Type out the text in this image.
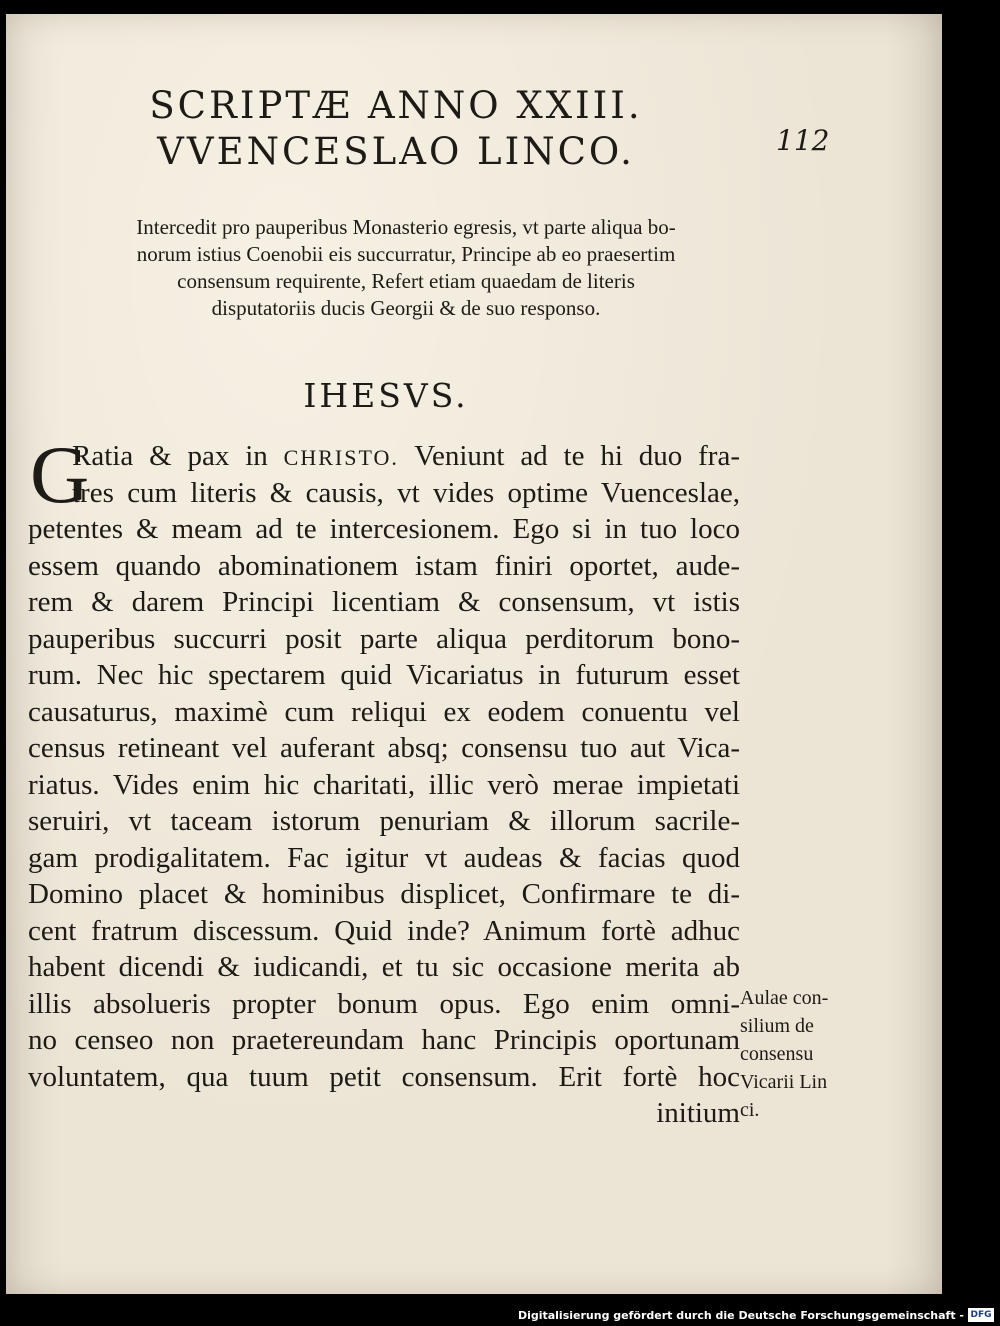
SCRIPTÆ ANNO XXIII.
VVENCESLAO LINCO.	112
Intercedit pro pauperibus Monasterio egresis, vt parte aliqua bo-
norum istius Coenobii eis succurratur, Principe ab eo praesertim
consensum requirente, Refert etiam quaedam de literis
disputatoriis ducis Georgii & de suo responso.
IHESVS.
G
Ratia & pax in CHRISTO. Veniunt ad te hi duo fra-
tres cum literis & causis, vt vides optime Vuenceslae,
petentes & meam ad te intercesionem. Ego si in tuo loco
essem quando abominationem istam finiri oportet, aude-
rem & darem Principi licentiam & consensum, vt istis
pauperibus succurri posit parte aliqua perditorum bono-
rum. Nec hic spectarem quid Vicariatus in futurum esset
causaturus, maximè cum reliqui ex eodem conuentu vel
census retineant vel auferant absq; consensu tuo aut Vica-
riatus. Vides enim hic charitati, illic verò merae impietati
seruiri, vt taceam istorum penuriam & illorum sacrile-
gam prodigalitatem. Fac igitur vt audeas & facias quod
Domino placet & hominibus displicet, Confirmare te di-
cent fratrum discessum. Quid inde? Animum fortè adhuc
habent dicendi & iudicandi, et tu sic occasione merita ab
illis absolueris propter bonum opus. Ego enim omni-
no censeo non praetereundam hanc Principis oportunam
voluntatem, qua tuum petit consensum. Erit fortè hoc
initium
Aulae con-
silium de
consensu
Vicarii Lin
ci.
Digitalisierung gefördert durch die Deutsche Forschungsgemeinschaft - DFG
